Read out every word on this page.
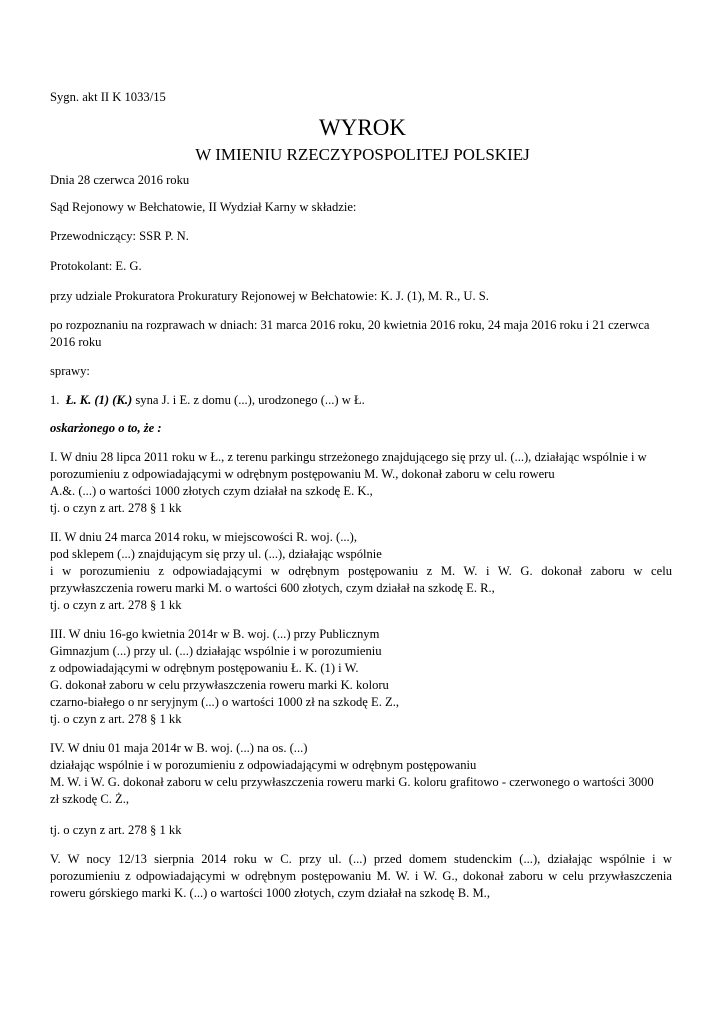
Sygn. akt II K 1033/15

WYROK
W IMIENIU RZECZYPOSPOLITEJ POLSKIEJ

Dnia 28 czerwca 2016 roku

Sąd Rejonowy w Bełchatowie, II Wydział Karny w składzie:

Przewodniczący: SSR P. N.

Protokolant: E. G.

przy udziale Prokuratora Prokuratury Rejonowej w Bełchatowie: K. J. (1), M. R., U. S.

po rozpoznaniu na rozprawach w dniach: 31 marca 2016 roku, 20 kwietnia 2016 roku, 24 maja 2016 roku i 21 czerwca
2016 roku

sprawy:

1. Ł. K. (1) (K.) syna J. i E. z domu (...), urodzonego (...) w Ł.

oskarżonego o to, że :

I. W dniu 28 lipca 2011 roku w Ł., z terenu parkingu strzeżonego znajdującego się przy ul. (...), działając wspólnie i w
porozumieniu z odpowiadającymi w odrębnym postępowaniu M. W., dokonał zaboru w celu roweru
A.&. (...) o wartości 1000 złotych czym działał na szkodę E. K.,
tj. o czyn z art. 278 § 1 kk
II. W dniu 24 marca 2014 roku, w miejscowości R. woj. (...),
pod sklepem (...) znajdującym się przy ul. (...), działając wspólnie
i w porozumieniu z odpowiadającymi w odrębnym postępowaniu z M. W. i W. G. dokonał zaboru w celu
przywłaszczenia roweru marki M. o wartości 600 złotych, czym działał na szkodę E. R.,
tj. o czyn z art. 278 § 1 kk
III. W dniu 16-go kwietnia 2014r w B. woj. (...) przy Publicznym
Gimnazjum (...) przy ul. (...) działając wspólnie i w porozumieniu
z odpowiadającymi w odrębnym postępowaniu Ł. K. (1) i W.
G. dokonał zaboru w celu przywłaszczenia roweru marki K. koloru
czarno-białego o nr seryjnym (...) o wartości 1000 zł na szkodę E. Z.,
tj. o czyn z art. 278 § 1 kk
IV. W dniu 01 maja 2014r w B. woj. (...) na os. (...)
działając wspólnie i w porozumieniu z odpowiadającymi w odrębnym postępowaniu
M. W. i W. G. dokonał zaboru w celu przywłaszczenia roweru marki G. koloru grafitowo - czerwonego o wartości 3000
zł szkodę C. Ż.,

tj. o czyn z art. 278 § 1 kk

V. W nocy 12/13 sierpnia 2014 roku w C. przy ul. (...) przed domem studenckim (...), działając wspólnie i w
porozumieniu z odpowiadającymi w odrębnym postępowaniu M. W. i W. G., dokonał zaboru w celu przywłaszczenia
roweru górskiego marki K. (...) o wartości 1000 złotych, czym działał na szkodę B. M.,
